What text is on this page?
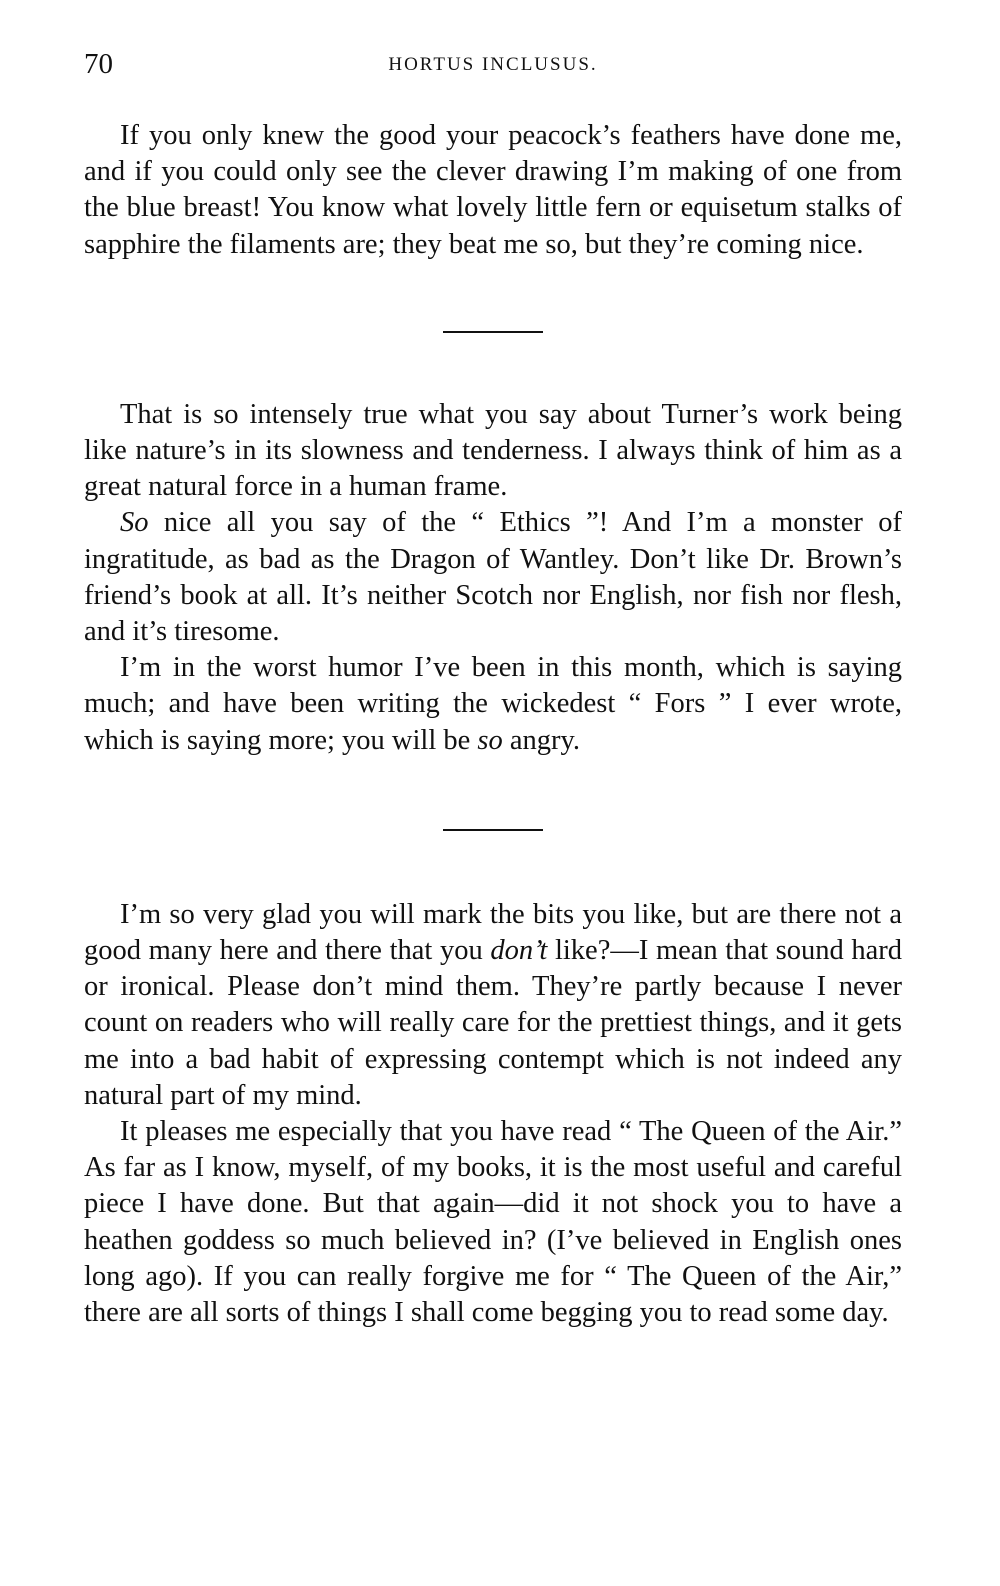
70	HORTUS INCLUSUS.

If you only knew the good your peacock’s feathers have done me, and if you could only see the clever drawing I’m making of one from the blue breast! You know what lovely little fern or equisetum stalks of sapphire the filaments are; they beat me so, but they’re coming nice.

That is so intensely true what you say about Turner’s work being like nature’s in its slowness and tenderness. I always think of him as a great natural force in a human frame.

So nice all you say of the “ Ethics ”! And I’m a monster of ingratitude, as bad as the Dragon of Wantley. Don’t like Dr. Brown’s friend’s book at all. It’s neither Scotch nor English, nor fish nor flesh, and it’s tiresome.

I’m in the worst humor I’ve been in this month, which is saying much; and have been writing the wickedest “ Fors ” I ever wrote, which is saying more; you will be so angry.

I’m so very glad you will mark the bits you like, but are there not a good many here and there that you don’t like?—I mean that sound hard or ironical. Please don’t mind them. They’re partly because I never count on readers who will really care for the prettiest things, and it gets me into a bad habit of expressing contempt which is not indeed any natural part of my mind.

It pleases me especially that you have read “ The Queen of the Air.” As far as I know, myself, of my books, it is the most useful and careful piece I have done. But that again—did it not shock you to have a heathen goddess so much believed in? (I’ve believed in English ones long ago). If you can really forgive me for “ The Queen of the Air,” there are all sorts of things I shall come begging you to read some day.
